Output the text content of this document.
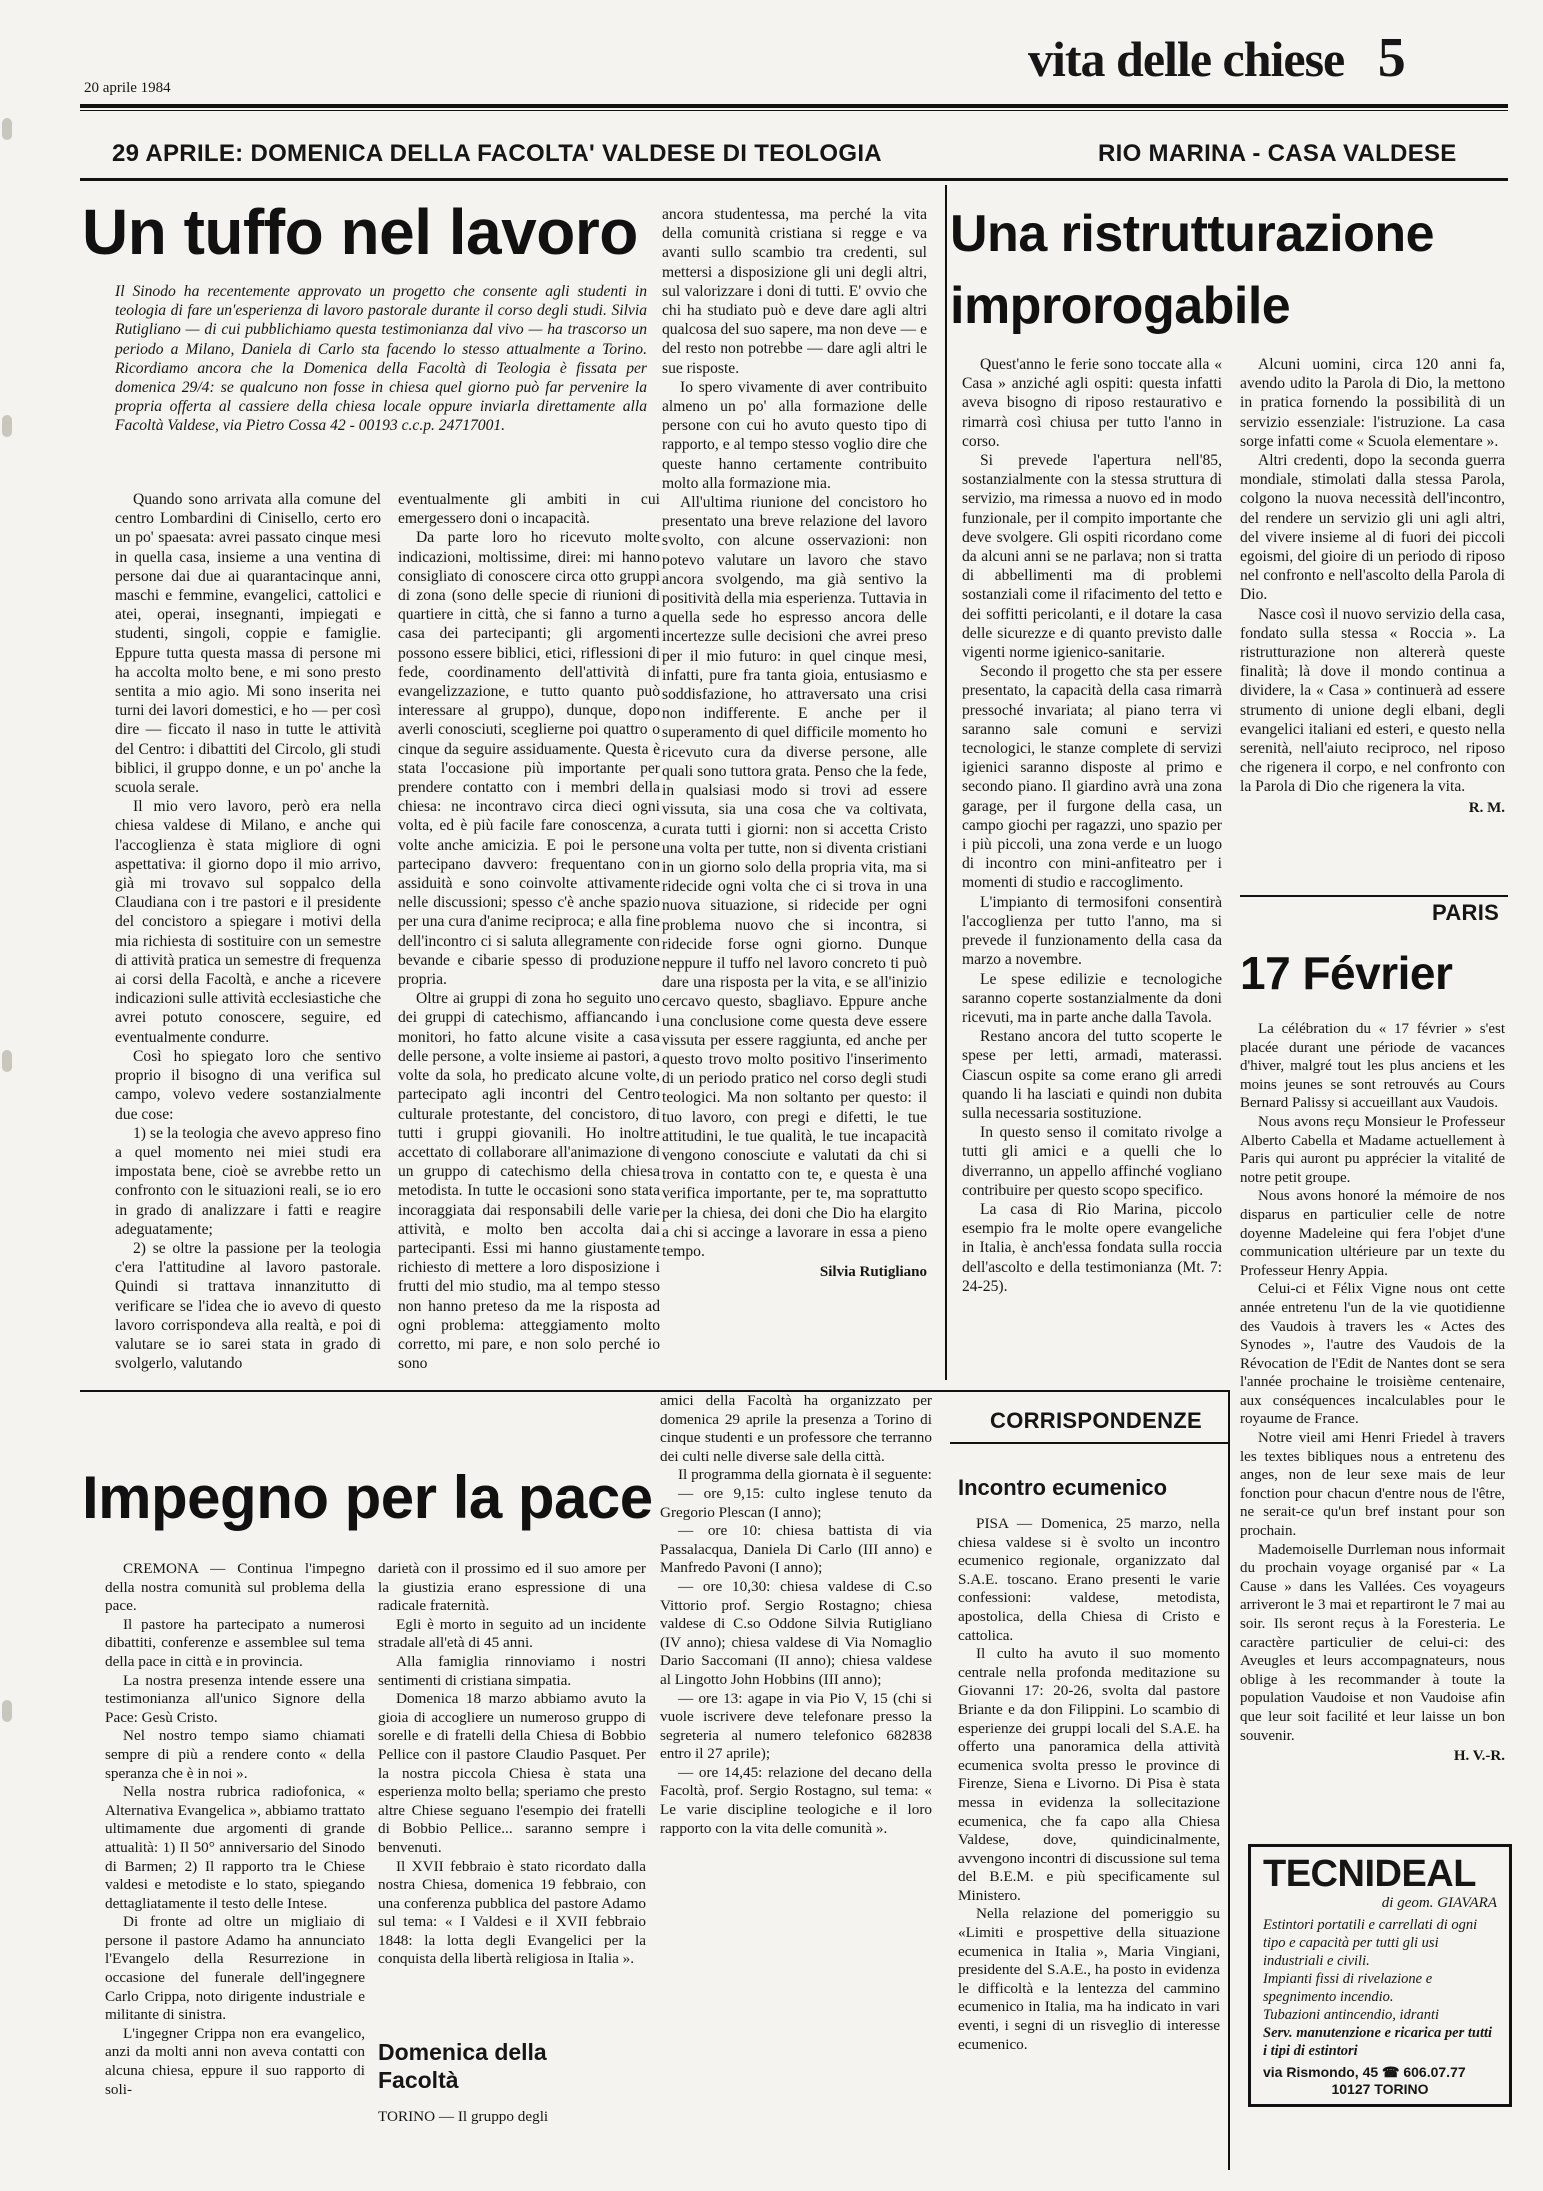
20 aprile 1984
vita delle chiese 5
29 APRILE: DOMENICA DELLA FACOLTA' VALDESE DI TEOLOGIA	RIO MARINA - CASA VALDESE
Un tuffo nel lavoro
Il Sinodo ha recentemente approvato un progetto che consente agli studenti in teologia di fare un'esperienza di lavoro pastorale durante il corso degli studi. Silvia Rutigliano — di cui pubblichiamo questa testimonianza dal vivo — ha trascorso un periodo a Milano, Daniela di Carlo sta facendo lo stesso attualmente a Torino. Ricordiamo ancora che la Domenica della Facoltà di Teologia è fissata per domenica 29/4: se qualcuno non fosse in chiesa quel giorno può far pervenire la propria offerta al cassiere della chiesa locale oppure inviarla direttamente alla Facoltà Valdese, via Pietro Cossa 42 - 00193 c.c.p. 24717001.

Quando sono arrivata alla comune del centro Lombardini di Cinisello, certo ero un po' spaesata: avrei passato cinque mesi in quella casa, insieme a una ventina di persone dai due ai quarantacinque anni, maschi e femmine, evangelici, cattolici e atei, operai, insegnanti, impiegati e studenti, singoli, coppie e famiglie. Eppure tutta questa massa di persone mi ha accolta molto bene, e mi sono presto sentita a mio agio. Mi sono inserita nei turni dei lavori domestici, e ho — per così dire — ficcato il naso in tutte le attività del Centro: i dibattiti del Circolo, gli studi biblici, il gruppo donne, e un po' anche la scuola serale.

Il mio vero lavoro, però era nella chiesa valdese di Milano, e anche qui l'accoglienza è stata migliore di ogni aspettativa: il giorno dopo il mio arrivo, già mi trovavo sul soppalco della Claudiana con i tre pastori e il presidente del concistoro a spiegare i motivi della mia richiesta di sostituire con un semestre di attività pratica un semestre di frequenza ai corsi della Facoltà, e anche a ricevere indicazioni sulle attività ecclesiastiche che avrei potuto conoscere, seguire, ed eventualmente condurre.

Così ho spiegato loro che sentivo proprio il bisogno di una verifica sul campo, volevo vedere sostanzialmente due cose:

1) se la teologia che avevo appreso fino a quel momento nei miei studi era impostata bene, cioè se avrebbe retto un confronto con le situazioni reali, se io ero in grado di analizzare i fatti e reagire adeguatamente;

2) se oltre la passione per la teologia c'era l'attitudine al lavoro pastorale. Quindi si trattava innanzitutto di verificare se l'idea che io avevo di questo lavoro corrispondeva alla realtà, e poi di valutare se io sarei stata in grado di svolgerlo, valutando

eventualmente gli ambiti in cui emergessero doni o incapacità.

Da parte loro ho ricevuto molte indicazioni, moltissime, direi: mi hanno consigliato di conoscere circa otto gruppi di zona (sono delle specie di riunioni di quartiere in città, che si fanno a turno a casa dei partecipanti; gli argomenti possono essere biblici, etici, riflessioni di fede, coordinamento dell'attività di evangelizzazione, e tutto quanto può interessare al gruppo), dunque, dopo averli conosciuti, sceglierne poi quattro o cinque da seguire assiduamente. Questa è stata l'occasione più importante per prendere contatto con i membri della chiesa: ne incontravo circa dieci ogni volta, ed è più facile fare conoscenza, a volte anche amicizia. E poi le persone partecipano davvero: frequentano con assiduità e sono coinvolte attivamente nelle discussioni; spesso c'è anche spazio per una cura d'anime reciproca; e alla fine dell'incontro ci si saluta allegramente con bevande e cibarie spesso di produzione propria.

Oltre ai gruppi di zona ho seguito uno dei gruppi di catechismo, affiancando i monitori, ho fatto alcune visite a casa delle persone, a volte insieme ai pastori, a volte da sola, ho predicato alcune volte, partecipato agli incontri del Centro culturale protestante, del concistoro, di tutti i gruppi giovanili. Ho inoltre accettato di collaborare all'animazione di un gruppo di catechismo della chiesa metodista. In tutte le occasioni sono stata incoraggiata dai responsabili delle varie attività, e molto ben accolta dai partecipanti. Essi mi hanno giustamente richiesto di mettere a loro disposizione i frutti del mio studio, ma al tempo stesso non hanno preteso da me la risposta ad ogni problema: atteggiamento molto corretto, mi pare, e non solo perché io sono

ancora studentessa, ma perché la vita della comunità cristiana si regge e va avanti sullo scambio tra credenti, sul mettersi a disposizione gli uni degli altri, sul valorizzare i doni di tutti. E' ovvio che chi ha studiato può e deve dare agli altri qualcosa del suo sapere, ma non deve — e del resto non potrebbe — dare agli altri le sue risposte.

Io spero vivamente di aver contribuito almeno un po' alla formazione delle persone con cui ho avuto questo tipo di rapporto, e al tempo stesso voglio dire che queste hanno certamente contribuito molto alla formazione mia.

All'ultima riunione del concistoro ho presentato una breve relazione del lavoro svolto, con alcune osservazioni: non potevo valutare un lavoro che stavo ancora svolgendo, ma già sentivo la positività della mia esperienza. Tuttavia in quella sede ho espresso ancora delle incertezze sulle decisioni che avrei preso per il mio futuro: in quel cinque mesi, infatti, pure fra tanta gioia, entusiasmo e soddisfazione, ho attraversato una crisi non indifferente. E anche per il superamento di quel difficile momento ho ricevuto cura da diverse persone, alle quali sono tuttora grata. Penso che la fede, in qualsiasi modo si trovi ad essere vissuta, sia una cosa che va coltivata, curata tutti i giorni: non si accetta Cristo una volta per tutte, non si diventa cristiani in un giorno solo della propria vita, ma si ridecide ogni volta che ci si trova in una nuova situazione, si ridecide per ogni problema nuovo che si incontra, si ridecide forse ogni giorno. Dunque neppure il tuffo nel lavoro concreto ti può dare una risposta per la vita, e se all'inizio cercavo questo, sbagliavo. Eppure anche una conclusione come questa deve essere vissuta per essere raggiunta, ed anche per questo trovo molto positivo l'inserimento di un periodo pratico nel corso degli studi teologici. Ma non soltanto per questo: il tuo lavoro, con pregi e difetti, le tue attitudini, le tue qualità, le tue incapacità vengono conosciute e valutati da chi si trova in contatto con te, e questa è una verifica importante, per te, ma soprattutto per la chiesa, dei doni che Dio ha elargito a chi si accinge a lavorare in essa a pieno tempo.

Silvia Rutigliano
Una ristrutturazione
improrogabile

Quest'anno le ferie sono toccate alla « Casa » anziché agli ospiti: questa infatti aveva bisogno di riposo restaurativo e rimarrà così chiusa per tutto l'anno in corso.

Si prevede l'apertura nell'85, sostanzialmente con la stessa struttura di servizio, ma rimessa a nuovo ed in modo funzionale, per il compito importante che deve svolgere. Gli ospiti ricordano come da alcuni anni se ne parlava; non si tratta di abbellimenti ma di problemi sostanziali come il rifacimento del tetto e dei soffitti pericolanti, e il dotare la casa delle sicurezze e di quanto previsto dalle vigenti norme igienico-sanitarie.

Secondo il progetto che sta per essere presentato, la capacità della casa rimarrà pressoché invariata; al piano terra vi saranno sale comuni e servizi tecnologici, le stanze complete di servizi igienici saranno disposte al primo e secondo piano. Il giardino avrà una zona garage, per il furgone della casa, un campo giochi per ragazzi, uno spazio per i più piccoli, una zona verde e un luogo di incontro con mini-anfiteatro per i momenti di studio e raccoglimento.

L'impianto di termosifoni consentirà l'accoglienza per tutto l'anno, ma si prevede il funzionamento della casa da marzo a novembre.

Le spese edilizie e tecnologiche saranno coperte sostanzialmente da doni ricevuti, ma in parte anche dalla Tavola.

Restano ancora del tutto scoperte le spese per letti, armadi, materassi. Ciascun ospite sa come erano gli arredi quando li ha lasciati e quindi non dubita sulla necessaria sostituzione.

In questo senso il comitato rivolge a tutti gli amici e a quelli che lo diverranno, un appello affinché vogliano contribuire per questo scopo specifico.

La casa di Rio Marina, piccolo esempio fra le molte opere evangeliche in Italia, è anch'essa fondata sulla roccia dell'ascolto e della testimonianza (Mt. 7: 24-25).

Alcuni uomini, circa 120 anni fa, avendo udito la Parola di Dio, la mettono in pratica fornendo la possibilità di un servizio essenziale: l'istruzione. La casa sorge infatti come « Scuola elementare ».

Altri credenti, dopo la seconda guerra mondiale, stimolati dalla stessa Parola, colgono la nuova necessità dell'incontro, del rendere un servizio gli uni agli altri, del vivere insieme al di fuori dei piccoli egoismi, del gioire di un periodo di riposo nel confronto e nell'ascolto della Parola di Dio.

Nasce così il nuovo servizio della casa, fondato sulla stessa « Roccia ». La ristrutturazione non altererà queste finalità; là dove il mondo continua a dividere, la « Casa » continuerà ad essere strumento di unione degli elbani, degli evangelici italiani ed esteri, e questo nella serenità, nell'aiuto reciproco, nel riposo che rigenera il corpo, e nel confronto con la Parola di Dio che rigenera la vita.

R. M.
PARIS
17 Février

La célébration du « 17 février » s'est placée durant une période de vacances d'hiver, malgré tout les plus anciens et les moins jeunes se sont retrouvés au Cours Bernard Palissy si accueillant aux Vaudois.

Nous avons reçu Monsieur le Professeur Alberto Cabella et Madame actuellement à Paris qui auront pu apprécier la vitalité de notre petit groupe.

Nous avons honoré la mémoire de nos disparus en particulier celle de notre doyenne Madeleine qui fera l'objet d'une communication ultérieure par un texte du Professeur Henry Appia.

Celui-ci et Félix Vigne nous ont cette année entretenu l'un de la vie quotidienne des Vaudois à travers les « Actes des Synodes », l'autre des Vaudois de la Révocation de l'Edit de Nantes dont se sera l'année prochaine le troisième centenaire, aux conséquences incalculables pour le royaume de France.

Notre vieil ami Henri Friedel à travers les textes bibliques nous a entretenu des anges, non de leur sexe mais de leur fonction pour chacun d'entre nous de l'être, ne serait-ce qu'un bref instant pour son prochain.

Mademoiselle Durrleman nous informait du prochain voyage organisé par « La Cause » dans les Vallées. Ces voyageurs arriveront le 3 mai et repartiront le 7 mai au soir. Ils seront reçus à la Foresteria. Le caractère particulier de celui-ci: des Aveugles et leurs accompagnateurs, nous oblige à les recommander à toute la population Vaudoise et non Vaudoise afin que leur soit facilité et leur laisse un bon souvenir.

H. V.-R.
TECNIDEAL
di geom. GIAVARA
Estintori portatili e carrellati di ogni tipo e capacità per tutti gli usi industriali e civili.
Impianti fissi di rivelazione e spegnimento incendio.
Tubazioni antincendio, idranti
Serv. manutenzione e ricarica per tutti i tipi di estintori
via Rismondo, 45 ☎ 606.07.77
10127 TORINO
CORRISPONDENZE
Impegno per la pace

CREMONA — Continua l'impegno della nostra comunità sul problema della pace.

Il pastore ha partecipato a numerosi dibattiti, conferenze e assemblee sul tema della pace in città e in provincia.

La nostra presenza intende essere una testimonianza all'unico Signore della Pace: Gesù Cristo.

Nel nostro tempo siamo chiamati sempre di più a rendere conto « della speranza che è in noi ».

Nella nostra rubrica radiofonica, « Alternativa Evangelica », abbiamo trattato ultimamente due argomenti di grande attualità: 1) Il 50° anniversario del Sinodo di Barmen; 2) Il rapporto tra le Chiese valdesi e metodiste e lo stato, spiegando dettagliatamente il testo delle Intese.

Di fronte ad oltre un migliaio di persone il pastore Adamo ha annunciato l'Evangelo della Resurrezione in occasione del funerale dell'ingegnere Carlo Crippa, noto dirigente industriale e militante di sinistra.

L'ingegner Crippa non era evangelico, anzi da molti anni non aveva contatti con alcuna chiesa, eppure il suo rapporto di soli-

darietà con il prossimo ed il suo amore per la giustizia erano espressione di una radicale fraternità.

Egli è morto in seguito ad un incidente stradale all'età di 45 anni.

Alla famiglia rinnoviamo i nostri sentimenti di cristiana simpatia.

Domenica 18 marzo abbiamo avuto la gioia di accogliere un numeroso gruppo di sorelle e di fratelli della Chiesa di Bobbio Pellice con il pastore Claudio Pasquet. Per la nostra piccola Chiesa è stata una esperienza molto bella; speriamo che presto altre Chiese seguano l'esempio dei fratelli di Bobbio Pellice... saranno sempre i benvenuti.

Il XVII febbraio è stato ricordato dalla nostra Chiesa, domenica 19 febbraio, con una conferenza pubblica del pastore Adamo sul tema: « I Valdesi e il XVII febbraio 1848: la lotta degli Evangelici per la conquista della libertà religiosa in Italia ».

Domenica della Facoltà
TORINO — Il gruppo degli

amici della Facoltà ha organizzato per domenica 29 aprile la presenza a Torino di cinque studenti e un professore che terranno dei culti nelle diverse sale della città.

Il programma della giornata è il seguente:

— ore 9,15: culto inglese tenuto da Gregorio Plescan (I anno);

— ore 10: chiesa battista di via Passalacqua, Daniela Di Carlo (III anno) e Manfredo Pavoni (I anno);

— ore 10,30: chiesa valdese di C.so Vittorio prof. Sergio Rostagno; chiesa valdese di C.so Oddone Silvia Rutigliano (IV anno); chiesa valdese di Via Nomaglio Dario Saccomani (II anno); chiesa valdese al Lingotto John Hobbins (III anno);

— ore 13: agape in via Pio V, 15 (chi si vuole iscrivere deve telefonare presso la segreteria al numero telefonico 682838 entro il 27 aprile);

— ore 14,45: relazione del decano della Facoltà, prof. Sergio Rostagno, sul tema: « Le varie discipline teologiche e il loro rapporto con la vita delle comunità ».

Incontro ecumenico

PISA — Domenica, 25 marzo, nella chiesa valdese si è svolto un incontro ecumenico regionale, organizzato dal S.A.E. toscano. Erano presenti le varie confessioni: valdese, metodista, apostolica, della Chiesa di Cristo e cattolica.

Il culto ha avuto il suo momento centrale nella profonda meditazione su Giovanni 17: 20-26, svolta dal pastore Briante e da don Filippini. Lo scambio di esperienze dei gruppi locali del S.A.E. ha offerto una panoramica della attività ecumenica svolta presso le province di Firenze, Siena e Livorno. Di Pisa è stata messa in evidenza la sollecitazione ecumenica, che fa capo alla Chiesa Valdese, dove, quindicinalmente, avvengono incontri di discussione sul tema del B.E.M. e più specificamente sul Ministero.

Nella relazione del pomeriggio su «Limiti e prospettive della situazione ecumenica in Italia », Maria Vingiani, presidente del S.A.E., ha posto in evidenza le difficoltà e la lentezza del cammino ecumenico in Italia, ma ha indicato in vari eventi, i segni di un risveglio di interesse ecumenico.
